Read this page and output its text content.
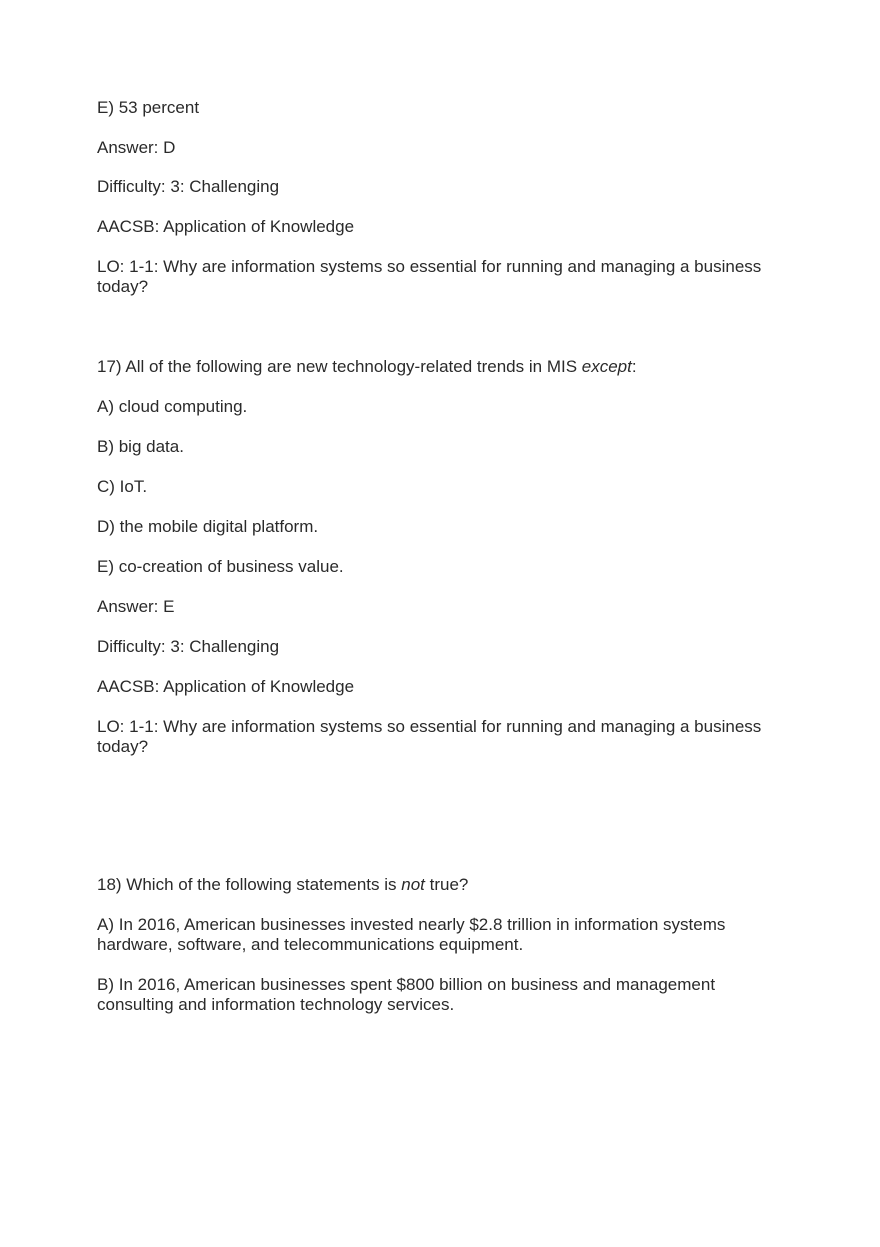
E) 53 percent

Answer: D

Difficulty: 3: Challenging

AACSB: Application of Knowledge

LO: 1-1: Why are information systems so essential for running and managing a business today?

17) All of the following are new technology-related trends in MIS except:

A) cloud computing.

B) big data.

C) IoT.

D) the mobile digital platform.

E) co-creation of business value.

Answer: E

Difficulty: 3: Challenging

AACSB: Application of Knowledge

LO: 1-1: Why are information systems so essential for running and managing a business today?

18) Which of the following statements is not true?

A) In 2016, American businesses invested nearly $2.8 trillion in information systems hardware, software, and telecommunications equipment.

B) In 2016, American businesses spent $800 billion on business and management consulting and information technology services.
